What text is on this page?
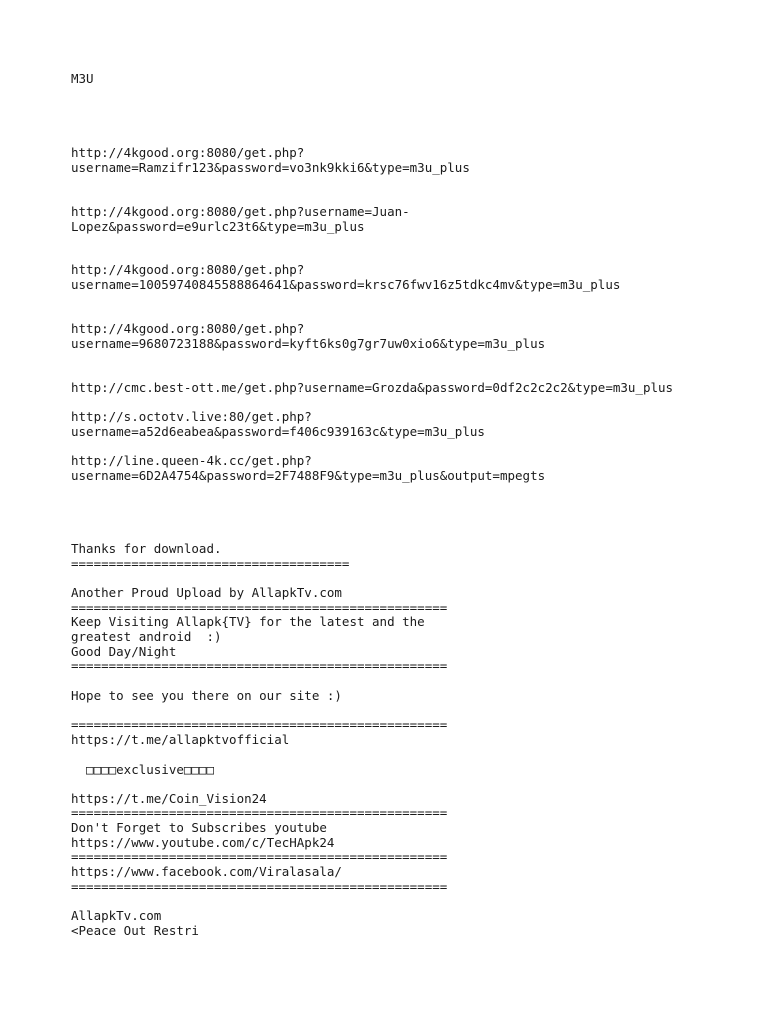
M3U

http://4kgood.org:8080/get.php?

username=Ramzifr123&password=vo3nk9kki6&type=m3u_plus

http://4kgood.org:8080/get.php?username=Juan-

Lopez&password=e9urlc23t6&type=m3u_plus

http://4kgood.org:8080/get.php?

username=10059740845588864641&password=krsc76fwv16z5tdkc4mv&type=m3u_plus

http://4kgood.org:8080/get.php?

username=9680723188&password=kyft6ks0g7gr7uw0xio6&type=m3u_plus

http://cmc.best-ott.me/get.php?username=Grozda&password=0df2c2c2c2&type=m3u_plus

http://s.octotv.live:80/get.php?

username=a52d6eabea&password=f406c939163c&type=m3u_plus

http://line.queen-4k.cc/get.php?

username=6D2A4754&password=2F7488F9&type=m3u_plus&output=mpegts

Thanks for download.

=====================================

Another Proud Upload by AllapkTv.com

==================================================

Keep Visiting Allapk{TV} for the latest and the

greatest android  :)

Good Day/Night

==================================================

Hope to see you there on our site :)

==================================================

https://t.me/allapktvofficial

□□□□exclusive□□□□

https://t.me/Coin_Vision24

==================================================

Don't Forget to Subscribes youtube

https://www.youtube.com/c/TecHApk24

==================================================

https://www.facebook.com/Viralasala/

==================================================

AllapkTv.com

<Peace Out Restri
